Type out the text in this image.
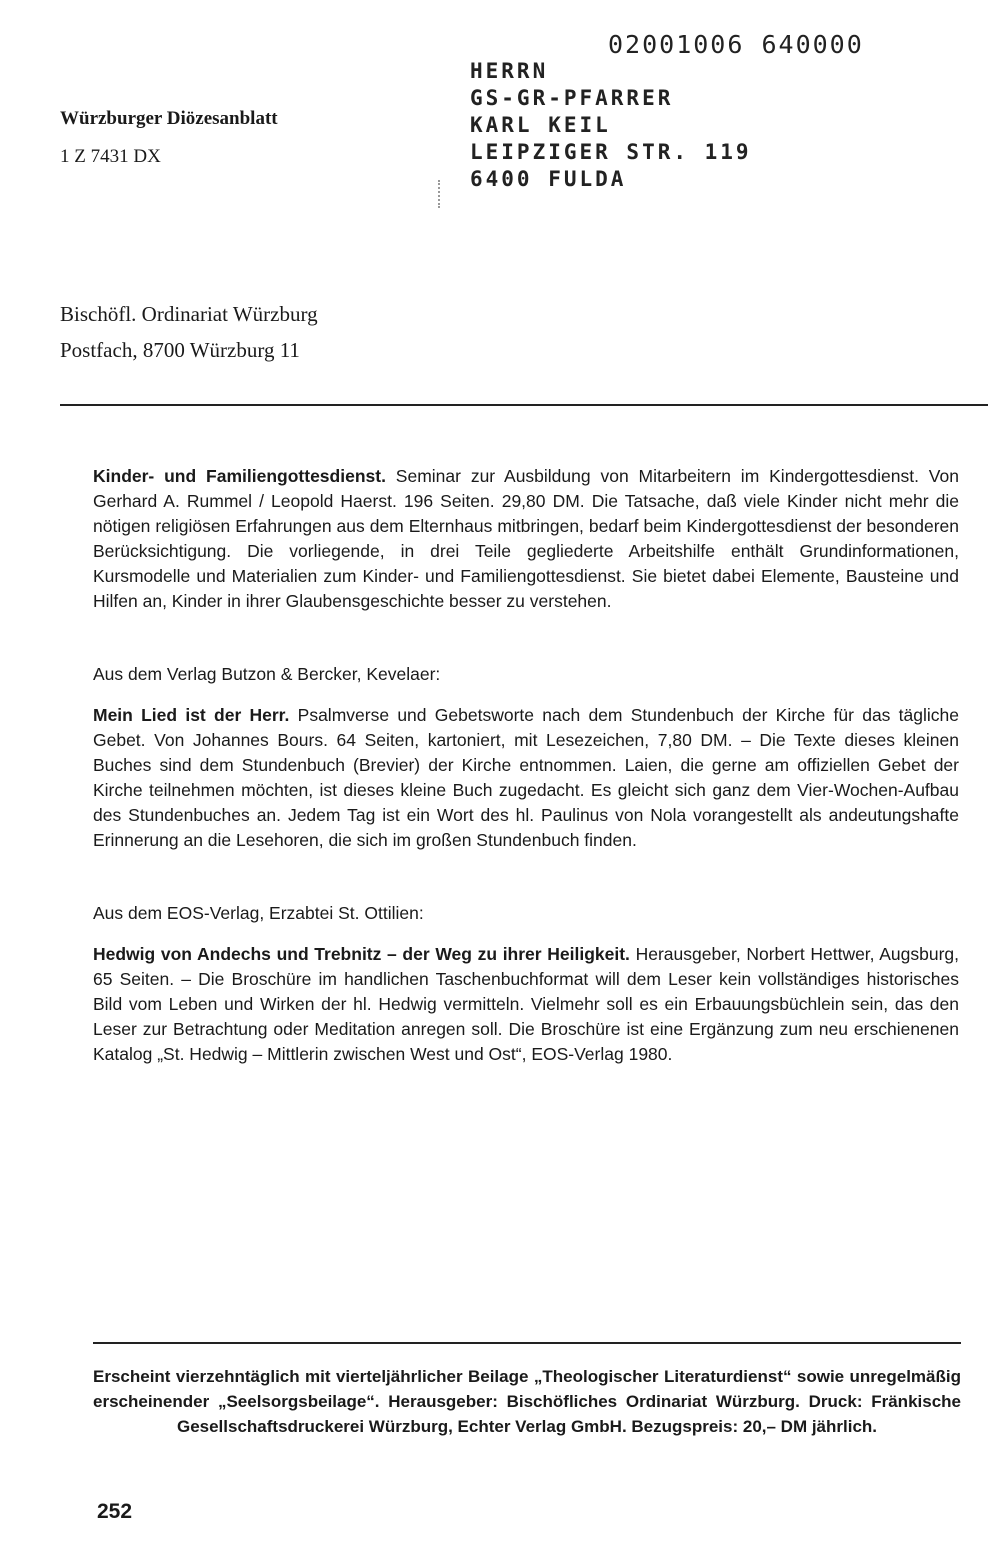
02001006 640000
Würzburger Diözesanblatt
1 Z 7431 DX
HERRN
GS-GR-PFARRER
KARL KEIL
LEIPZIGER STR. 119
6400 FULDA
Bischöfl. Ordinariat Würzburg
Postfach, 8700 Würzburg 11

Kinder- und Familiengottesdienst. Seminar zur Ausbildung von Mitarbeitern im Kindergottesdienst. Von Gerhard A. Rummel / Leopold Haerst. 196 Seiten. 29,80 DM. Die Tatsache, daß viele Kinder nicht mehr die nötigen religiösen Erfahrungen aus dem Elternhaus mitbringen, bedarf beim Kindergottesdienst der besonderen Berücksichtigung. Die vorliegende, in drei Teile gegliederte Arbeitshilfe enthält Grundinformationen, Kursmodelle und Materialien zum Kinder- und Familiengottesdienst. Sie bietet dabei Elemente, Bausteine und Hilfen an, Kinder in ihrer Glaubensgeschichte besser zu verstehen.

Aus dem Verlag Butzon & Bercker, Kevelaer:

Mein Lied ist der Herr. Psalmverse und Gebetsworte nach dem Stundenbuch der Kirche für das tägliche Gebet. Von Johannes Bours. 64 Seiten, kartoniert, mit Lesezeichen, 7,80 DM. – Die Texte dieses kleinen Buches sind dem Stundenbuch (Brevier) der Kirche entnommen. Laien, die gerne am offiziellen Gebet der Kirche teilnehmen möchten, ist dieses kleine Buch zugedacht. Es gleicht sich ganz dem Vier-Wochen-Aufbau des Stundenbuches an. Jedem Tag ist ein Wort des hl. Paulinus von Nola vorangestellt als andeutungshafte Erinnerung an die Lesehoren, die sich im großen Stundenbuch finden.

Aus dem EOS-Verlag, Erzabtei St. Ottilien:

Hedwig von Andechs und Trebnitz – der Weg zu ihrer Heiligkeit. Herausgeber, Norbert Hettwer, Augsburg, 65 Seiten. – Die Broschüre im handlichen Taschenbuchformat will dem Leser kein vollständiges historisches Bild vom Leben und Wirken der hl. Hedwig vermitteln. Vielmehr soll es ein Erbauungsbüchlein sein, das den Leser zur Betrachtung oder Meditation anregen soll. Die Broschüre ist eine Ergänzung zum neu erschienenen Katalog „St. Hedwig – Mittlerin zwischen West und Ost“, EOS-Verlag 1980.

Erscheint vierzehntäglich mit vierteljährlicher Beilage „Theologischer Literaturdienst“ sowie unregelmäßig erscheinender „Seelsorgsbeilage“. Herausgeber: Bischöfliches Ordinariat Würzburg. Druck: Fränkische Gesellschaftsdruckerei Würzburg, Echter Verlag GmbH. Bezugspreis: 20,– DM jährlich.
252
